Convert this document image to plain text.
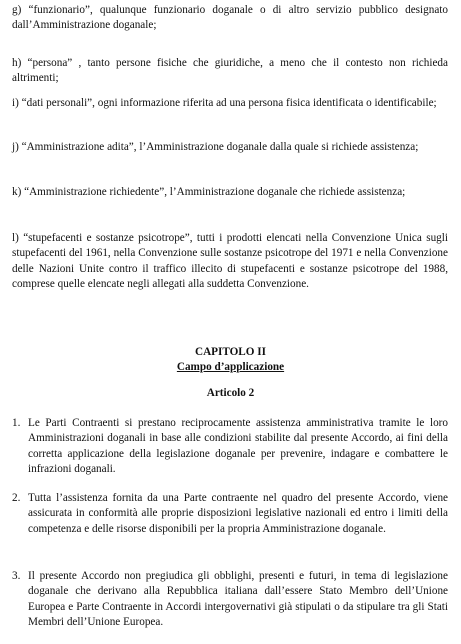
g) “funzionario”, qualunque funzionario doganale o di altro servizio pubblico designato dall’Amministrazione doganale;

h) “persona” , tanto persone fisiche che giuridiche, a meno che il contesto non richieda altrimenti;

i) “dati personali”, ogni informazione riferita ad una persona fisica identificata o identificabile;

j) “Amministrazione adita”, l’Amministrazione doganale dalla quale si richiede assistenza;

k) “Amministrazione richiedente”, l’Amministrazione doganale che richiede assistenza;

l) “stupefacenti e sostanze psicotrope”, tutti i prodotti elencati nella Convenzione Unica sugli stupefacenti del 1961, nella Convenzione sulle sostanze psicotrope del 1971 e nella Convenzione delle Nazioni Unite contro il traffico illecito di stupefacenti e sostanze psicotrope del 1988, comprese quelle elencate negli allegati alla suddetta Convenzione.

CAPITOLO II
Campo d’applicazione
Articolo 2
1. Le Parti Contraenti si prestano reciprocamente assistenza amministrativa tramite le loro Amministrazioni doganali in base alle condizioni stabilite dal presente Accordo, ai fini della corretta applicazione della legislazione doganale per prevenire, indagare e combattere le infrazioni doganali.

2. Tutta l’assistenza fornita da una Parte contraente nel quadro del presente Accordo, viene assicurata in conformità alle proprie disposizioni legislative nazionali ed entro i limiti della competenza e delle risorse disponibili per la propria Amministrazione doganale.

3. Il presente Accordo non pregiudica gli obblighi, presenti e futuri, in tema di legislazione doganale che derivano alla Repubblica italiana dall’essere Stato Membro dell’Unione Europea e Parte Contraente in Accordi intergovernativi già stipulati o da stipulare tra gli Stati Membri dell’Unione Europea.
